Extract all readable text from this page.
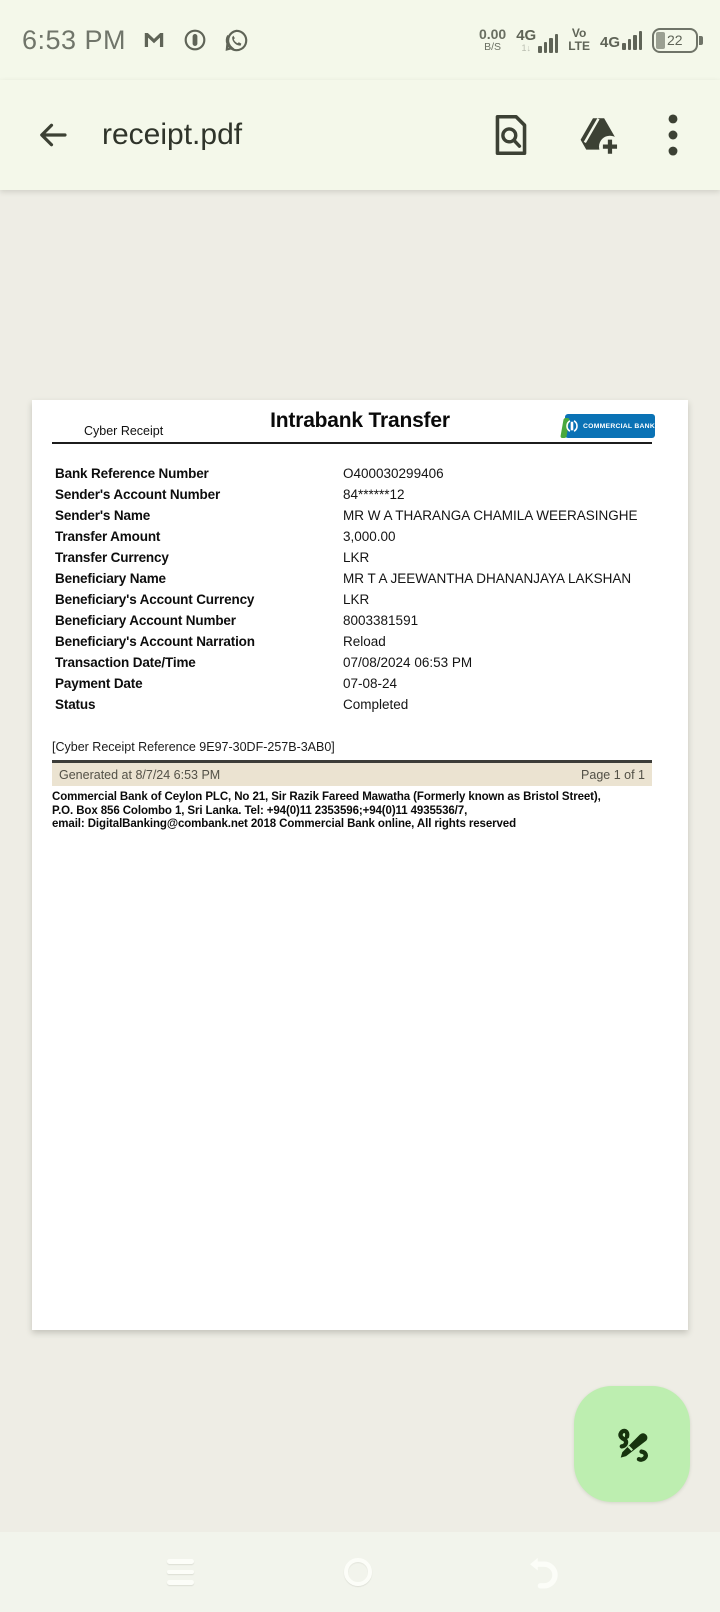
6:53 PM	0.00
B/S
4G
1↓
Vo
LTE 4G	22
receipt.pdf
Cyber Receipt	Intrabank Transfer	COMMERCIAL BANK
Bank Reference Number	O400030299406
Sender's Account Number	84******12
Sender's Name	MR W A THARANGA CHAMILA WEERASINGHE
Transfer Amount	3,000.00
Transfer Currency	LKR
Beneficiary Name	MR T A JEEWANTHA DHANANJAYA LAKSHAN
Beneficiary's Account Currency	LKR
Beneficiary Account Number	8003381591
Beneficiary's Account Narration	Reload
Transaction Date/Time	07/08/2024 06:53 PM
Payment Date	07-08-24
Status	Completed
[Cyber Receipt Reference 9E97-30DF-257B-3AB0]
Generated at 8/7/24 6:53 PM	Page 1 of 1
Commercial Bank of Ceylon PLC, No 21, Sir Razik Fareed Mawatha (Formerly known as Bristol Street),
P.O. Box 856 Colombo 1, Sri Lanka. Tel: +94(0)11 2353596;+94(0)11 4935536/7,
email: DigitalBanking@combank.net 2018 Commercial Bank online, All rights reserved
